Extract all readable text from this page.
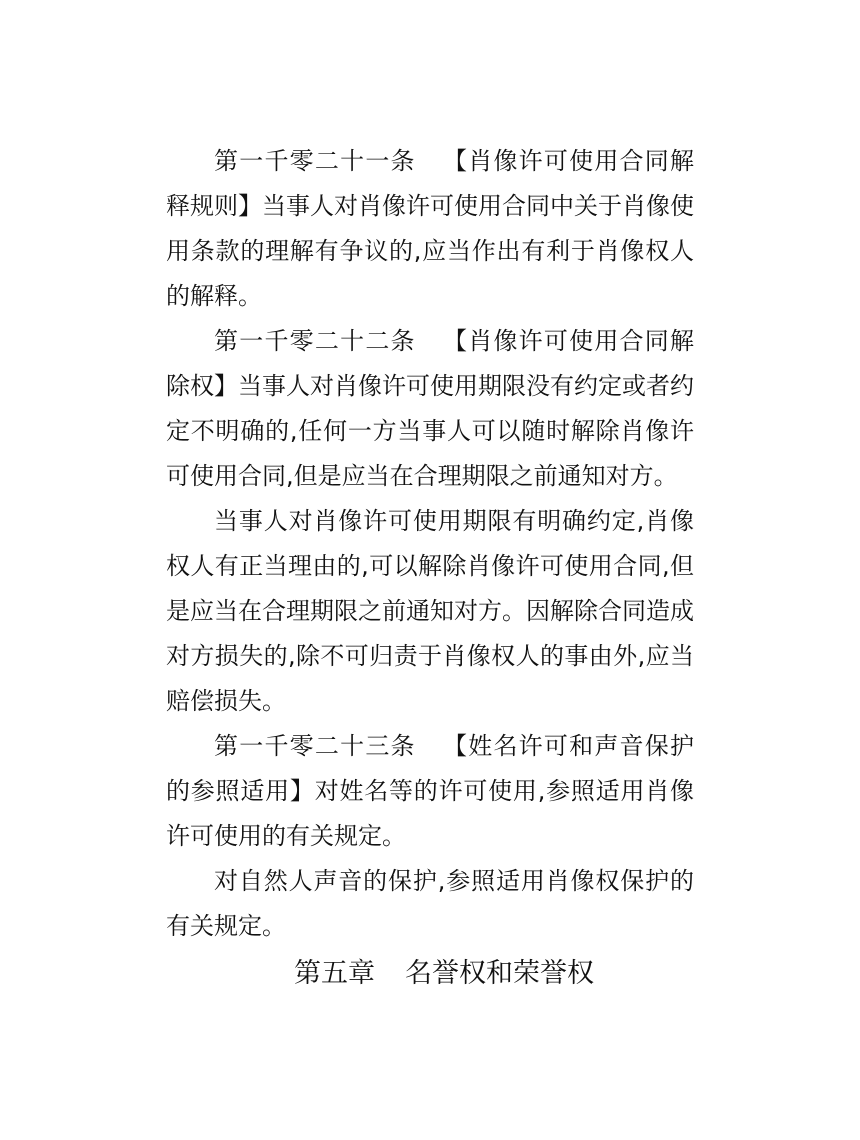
第一千零二十一条 【肖像许可使用合同解释规则】当事人对肖像许可使用合同中关于肖像使用条款的理解有争议的,应当作出有利于肖像权人的解释。

第一千零二十二条 【肖像许可使用合同解除权】当事人对肖像许可使用期限没有约定或者约定不明确的,任何一方当事人可以随时解除肖像许可使用合同,但是应当在合理期限之前通知对方。

当事人对肖像许可使用期限有明确约定,肖像权人有正当理由的,可以解除肖像许可使用合同,但是应当在合理期限之前通知对方。因解除合同造成对方损失的,除不可归责于肖像权人的事由外,应当赔偿损失。

第一千零二十三条 【姓名许可和声音保护的参照适用】对姓名等的许可使用,参照适用肖像许可使用的有关规定。

对自然人声音的保护,参照适用肖像权保护的有关规定。

第五章 名誉权和荣誉权
